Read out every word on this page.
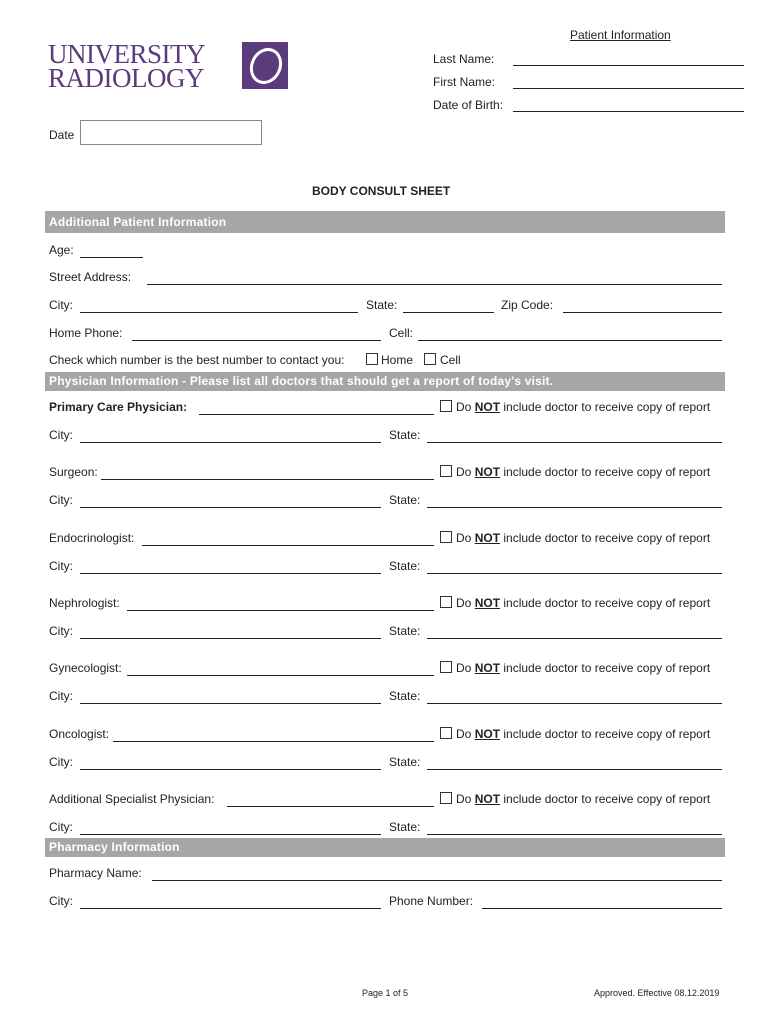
UNIVERSITY
RADIOLOGY
Patient Information
Last Name:
First Name:
Date of Birth:
Date
BODY CONSULT SHEET
Additional Patient Information
Age:
Street Address:
City:	State:	Zip Code:
Home Phone:	Cell:
Check which number is the best number to contact you:	Home Cell
Physician Information - Please list all doctors that should get a report of today's visit.
Primary Care Physician:	Do NOT include doctor to receive copy of report
City:	State:
Surgeon:	Do NOT include doctor to receive copy of report
City:	State:
Endocrinologist:	Do NOT include doctor to receive copy of report
City:	State:
Nephrologist:	Do NOT include doctor to receive copy of report
City:	State:
Gynecologist:	Do NOT include doctor to receive copy of report
City:	State:
Oncologist:	Do NOT include doctor to receive copy of report
City:	State:
Additional Specialist Physician:	Do NOT include doctor to receive copy of report
City:	State:
Pharmacy Information
Pharmacy Name:
City:	Phone Number:
Page 1 of 5	Approved. Effective 08.12.2019
